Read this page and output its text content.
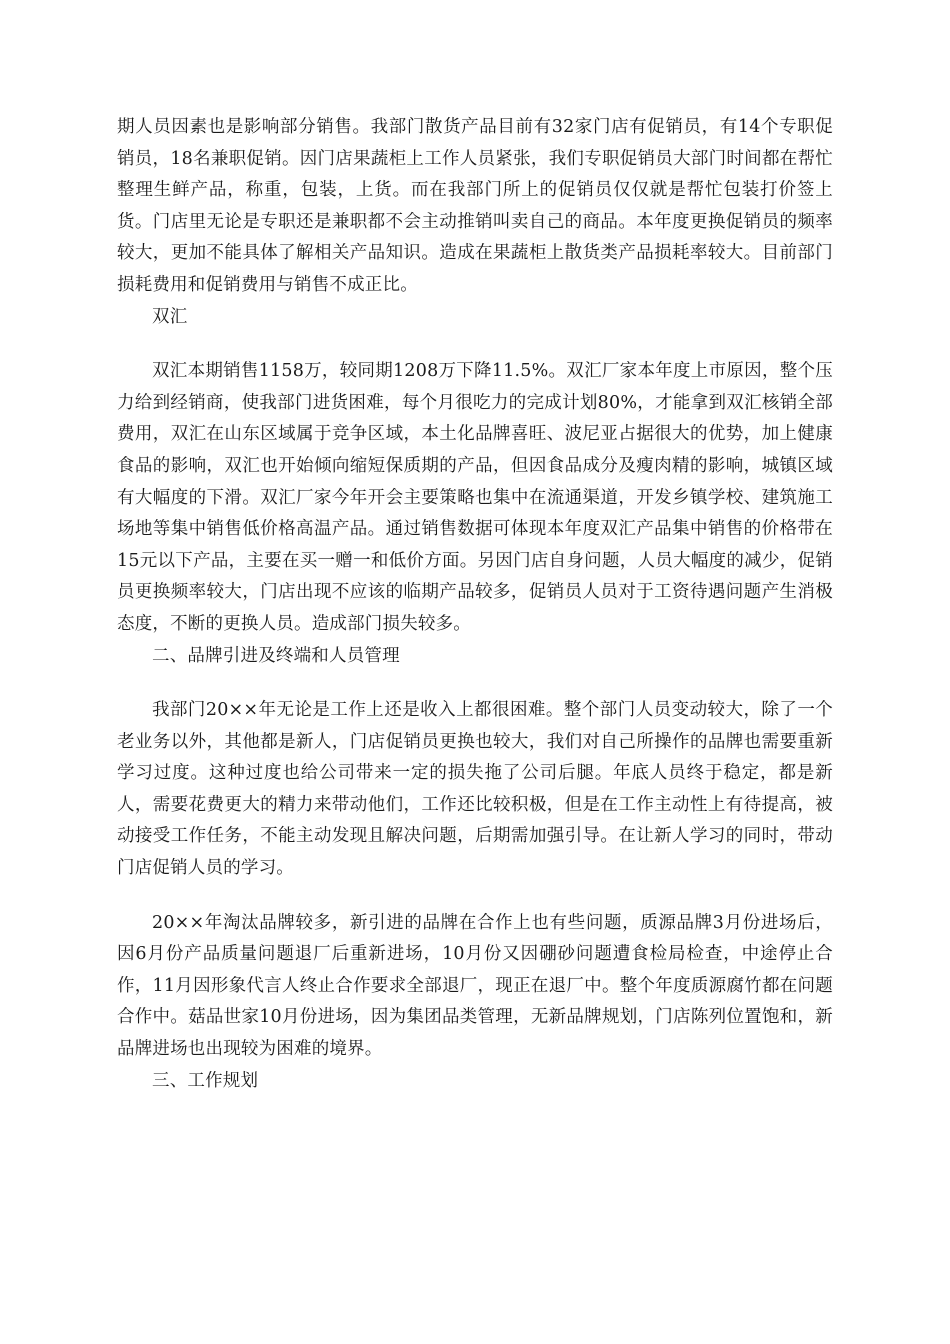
期人员因素也是影响部分销售。我部门散货产品目前有32家门店有促销员，有14个专职促销员，18名兼职促销。因门店果蔬柜上工作人员紧张，我们专职促销员大部门时间都在帮忙整理生鲜产品，称重，包装，上货。而在我部门所上的促销员仅仅就是帮忙包装打价签上货。门店里无论是专职还是兼职都不会主动推销叫卖自己的商品。本年度更换促销员的频率较大，更加不能具体了解相关产品知识。造成在果蔬柜上散货类产品损耗率较大。目前部门损耗费用和促销费用与销售不成正比。

双汇

双汇本期销售1158万，较同期1208万下降11.5%。双汇厂家本年度上市原因，整个压力给到经销商，使我部门进货困难，每个月很吃力的完成计划80%，才能拿到双汇核销全部费用，双汇在山东区域属于竞争区域，本土化品牌喜旺、波尼亚占据很大的优势，加上健康食品的影响，双汇也开始倾向缩短保质期的产品，但因食品成分及瘦肉精的影响，城镇区域有大幅度的下滑。双汇厂家今年开会主要策略也集中在流通渠道，开发乡镇学校、建筑施工场地等集中销售低价格高温产品。通过销售数据可体现本年度双汇产品集中销售的价格带在15元以下产品，主要在买一赠一和低价方面。另因门店自身问题，人员大幅度的减少，促销员更换频率较大，门店出现不应该的临期产品较多，促销员人员对于工资待遇问题产生消极态度，不断的更换人员。造成部门损失较多。

二、品牌引进及终端和人员管理

我部门20××年无论是工作上还是收入上都很困难。整个部门人员变动较大，除了一个老业务以外，其他都是新人，门店促销员更换也较大，我们对自己所操作的品牌也需要重新学习过度。这种过度也给公司带来一定的损失拖了公司后腿。年底人员终于稳定，都是新人，需要花费更大的精力来带动他们，工作还比较积极，但是在工作主动性上有待提高，被动接受工作任务，不能主动发现且解决问题，后期需加强引导。在让新人学习的同时，带动门店促销人员的学习。

20××年淘汰品牌较多，新引进的品牌在合作上也有些问题，质源品牌3月份进场后，因6月份产品质量问题退厂后重新进场，10月份又因硼砂问题遭食检局检查，中途停止合作，11月因形象代言人终止合作要求全部退厂，现正在退厂中。整个年度质源腐竹都在问题合作中。菇品世家10月份进场，因为集团品类管理，无新品牌规划，门店陈列位置饱和，新品牌进场也出现较为困难的境界。

三、工作规划
